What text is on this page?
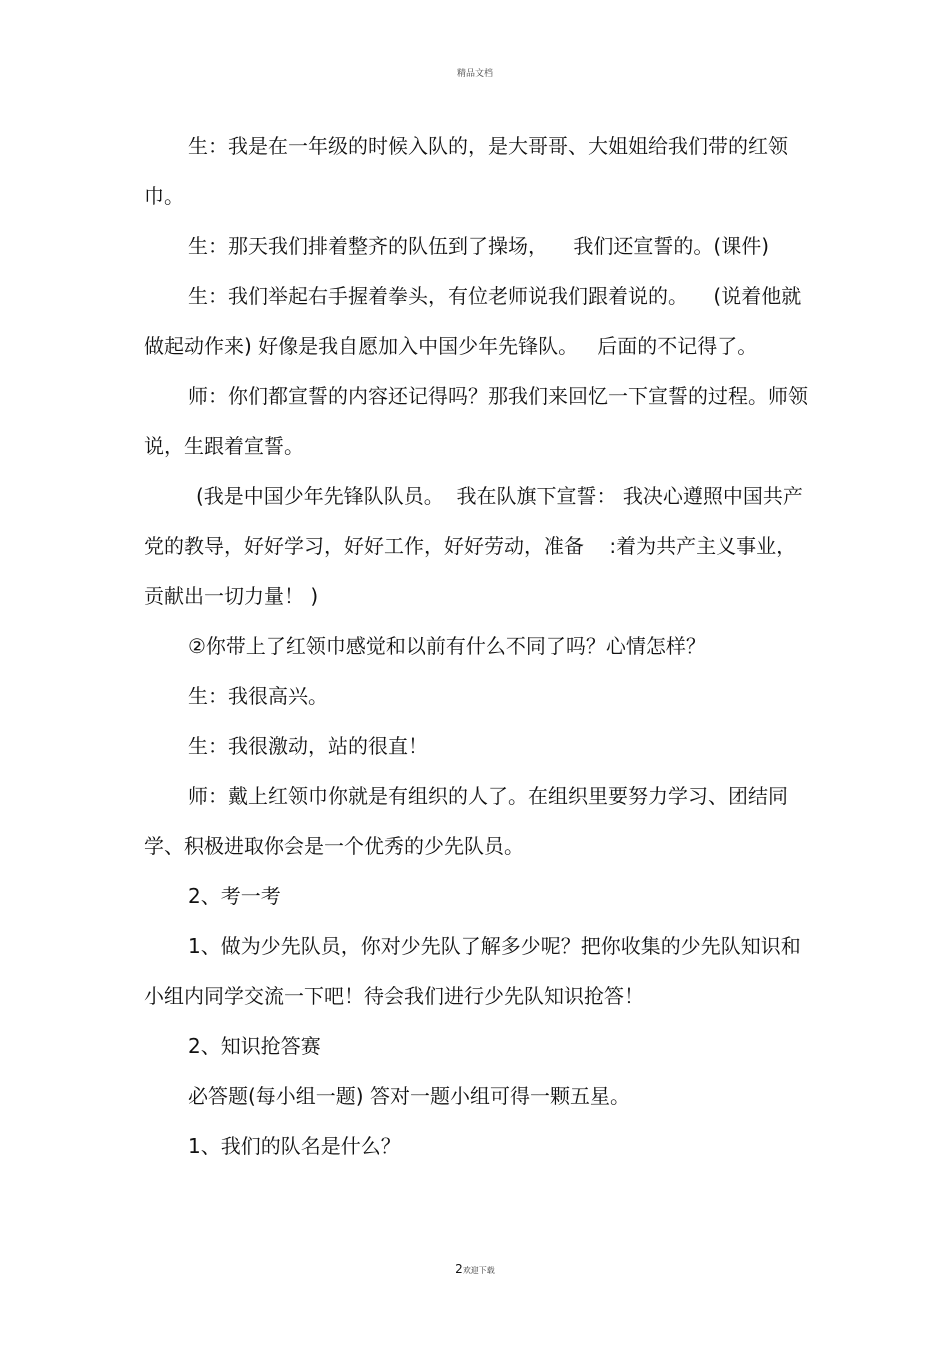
精品文档

生：我是在一年级的时候入队的，是大哥哥、大姐姐给我们带的红领巾。

生：那天我们排着整齐的队伍到了操场，    我们还宣誓的。(课件)

生：我们举起右手握着拳头，有位老师说我们跟着说的。    (说着他就做起动作来) 好像是我自愿加入中国少年先锋队。   后面的不记得了。

师：你们都宣誓的内容还记得吗？那我们来回忆一下宣誓的过程。师领说，生跟着宣誓。

(我是中国少年先锋队队员。  我在队旗下宣誓： 我决心遵照中国共产党的教导，好好学习，好好工作，好好劳动，准备    :着为共产主义事业，贡献出一切力量！ )

②你带上了红领巾感觉和以前有什么不同了吗？心情怎样？

生：我很高兴。

生：我很激动，站的很直！

师：戴上红领巾你就是有组织的人了。在组织里要努力学习、团结同学、积极进取你会是一个优秀的少先队员。

2、考一考

1、做为少先队员，你对少先队了解多少呢？把你收集的少先队知识和小组内同学交流一下吧！待会我们进行少先队知识抢答！

2、知识抢答赛

必答题(每小组一题) 答对一题小组可得一颗五星。

1、我们的队名是什么？

2欢迎下载
